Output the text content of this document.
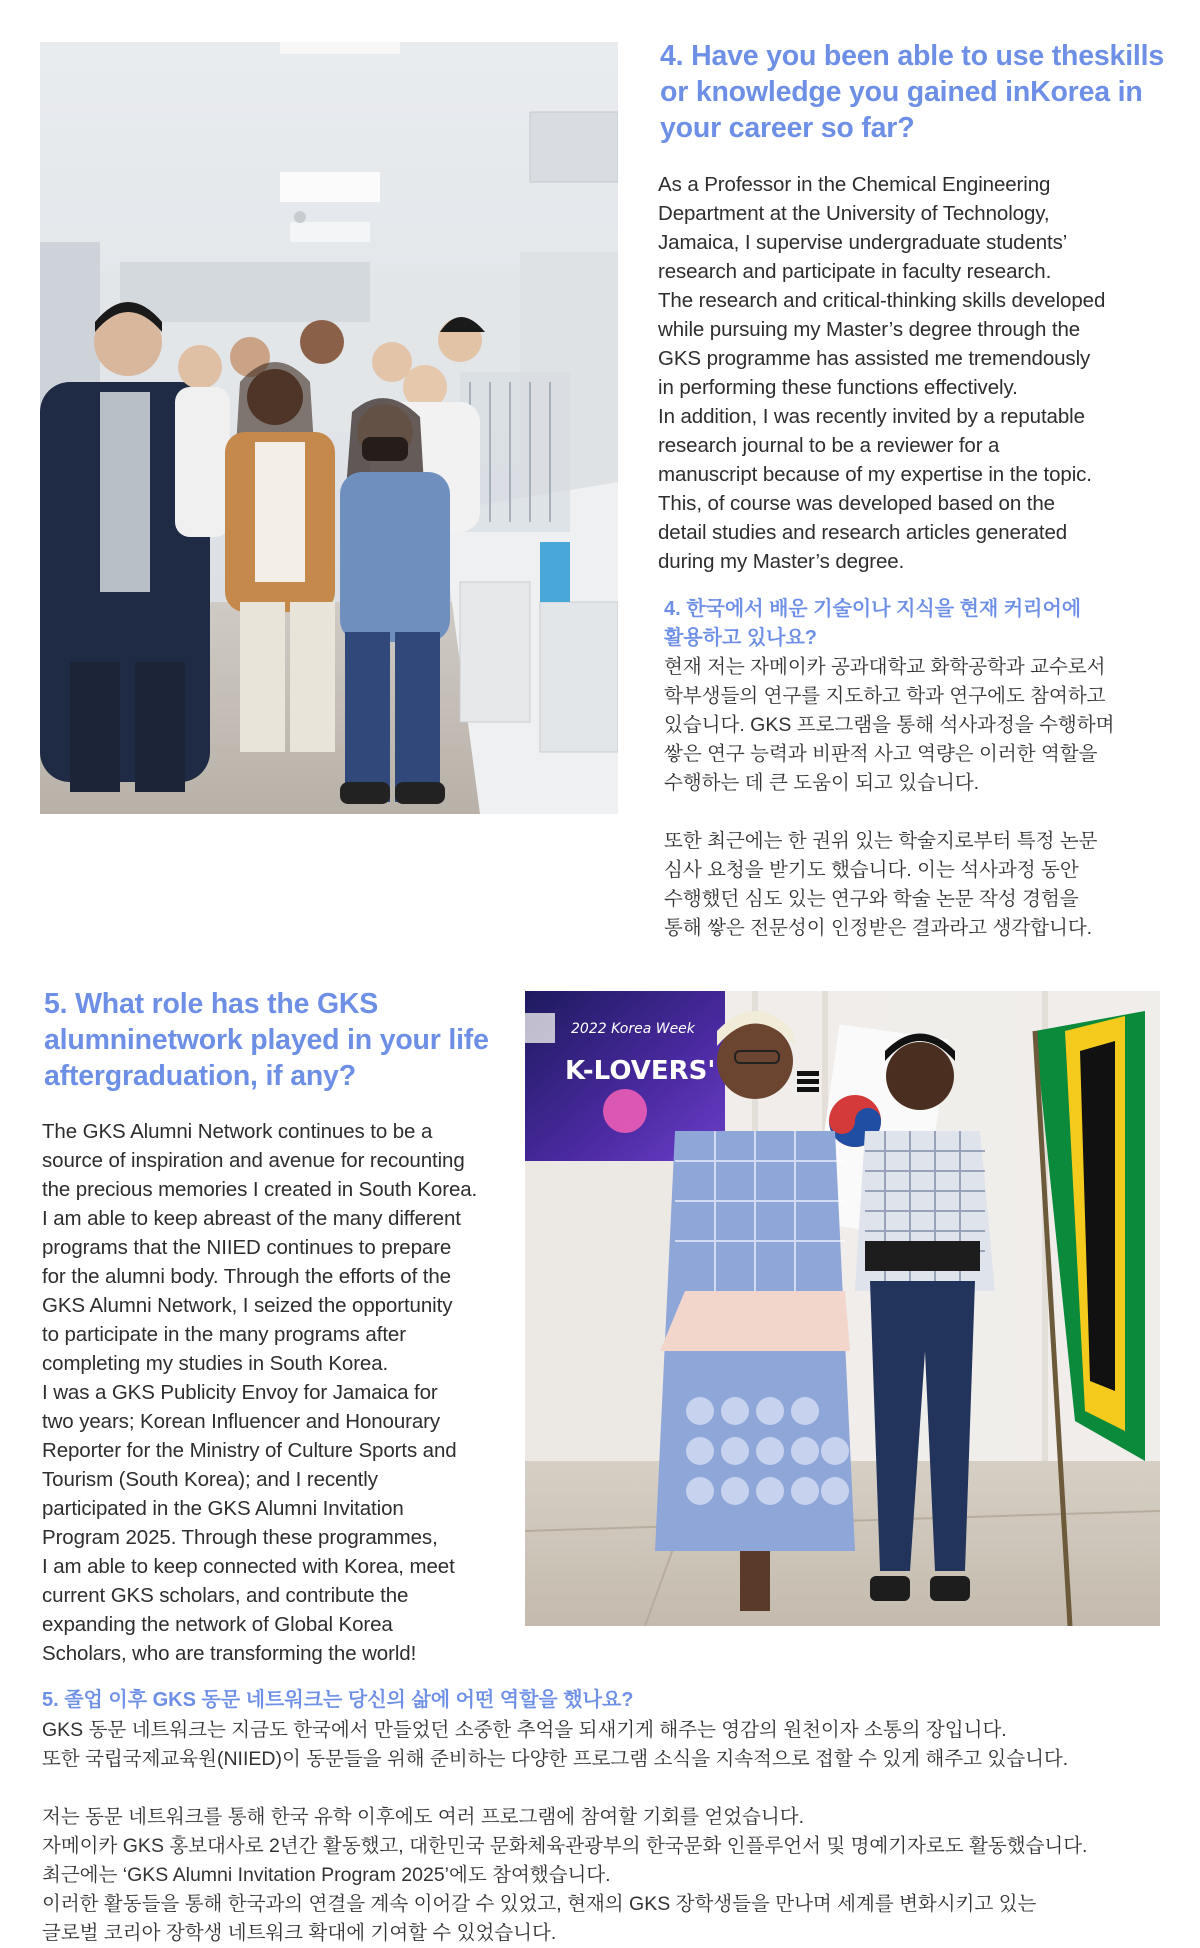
4. Have you been able to use theskills or knowledge you gained inKorea in your career so far?

As a Professor in the Chemical Engineering
Department at the University of Technology,
Jamaica, I supervise undergraduate students’
research and participate in faculty research.
The research and critical-thinking skills developed
while pursuing my Master’s degree through the
GKS programme has assisted me tremendously
in performing these functions effectively.
In addition, I was recently invited by a reputable
research journal to be a reviewer for a
manuscript because of my expertise in the topic.
This, of course was developed based on the
detail studies and research articles generated
during my Master’s degree.

4. 한국에서 배운 기술이나 지식을 현재 커리어에
활용하고 있나요?

현재 저는 자메이카 공과대학교 화학공학과 교수로서
학부생들의 연구를 지도하고 학과 연구에도 참여하고
있습니다. GKS 프로그램을 통해 석사과정을 수행하며
쌓은 연구 능력과 비판적 사고 역량은 이러한 역할을
수행하는 데 큰 도움이 되고 있습니다.

또한 최근에는 한 권위 있는 학술지로부터 특정 논문
심사 요청을 받기도 했습니다. 이는 석사과정 동안
수행했던 심도 있는 연구와 학술 논문 작성 경험을
통해 쌓은 전문성이 인정받은 결과라고 생각합니다.

5. What role has the GKS alumninetwork played in your life aftergraduation, if any?

The GKS Alumni Network continues to be a
source of inspiration and avenue for recounting
the precious memories I created in South Korea.
I am able to keep abreast of the many different
programs that the NIIED continues to prepare
for the alumni body. Through the efforts of the
GKS Alumni Network, I seized the opportunity
to participate in the many programs after
completing my studies in South Korea.
I was a GKS Publicity Envoy for Jamaica for
two years; Korean Influencer and Honourary
Reporter for the Ministry of Culture Sports and
Tourism (South Korea); and I recently
participated in the GKS Alumni Invitation
Program 2025. Through these programmes,
I am able to keep connected with Korea, meet
current GKS scholars, and contribute the
expanding the network of Global Korea
Scholars, who are transforming the world!

2022 Korea Week
K-LOVERS'

5. 졸업 이후 GKS 동문 네트워크는 당신의 삶에 어떤 역할을 했나요?

GKS 동문 네트워크는 지금도 한국에서 만들었던 소중한 추억을 되새기게 해주는 영감의 원천이자 소통의 장입니다.
또한 국립국제교육원(NIIED)이 동문들을 위해 준비하는 다양한 프로그램 소식을 지속적으로 접할 수 있게 해주고 있습니다.

저는 동문 네트워크를 통해 한국 유학 이후에도 여러 프로그램에 참여할 기회를 얻었습니다.
자메이카 GKS 홍보대사로 2년간 활동했고, 대한민국 문화체육관광부의 한국문화 인플루언서 및 명예기자로도 활동했습니다.
최근에는 ‘GKS Alumni Invitation Program 2025’에도 참여했습니다.
이러한 활동들을 통해 한국과의 연결을 계속 이어갈 수 있었고, 현재의 GKS 장학생들을 만나며 세계를 변화시키고 있는
글로벌 코리아 장학생 네트워크 확대에 기여할 수 있었습니다.
